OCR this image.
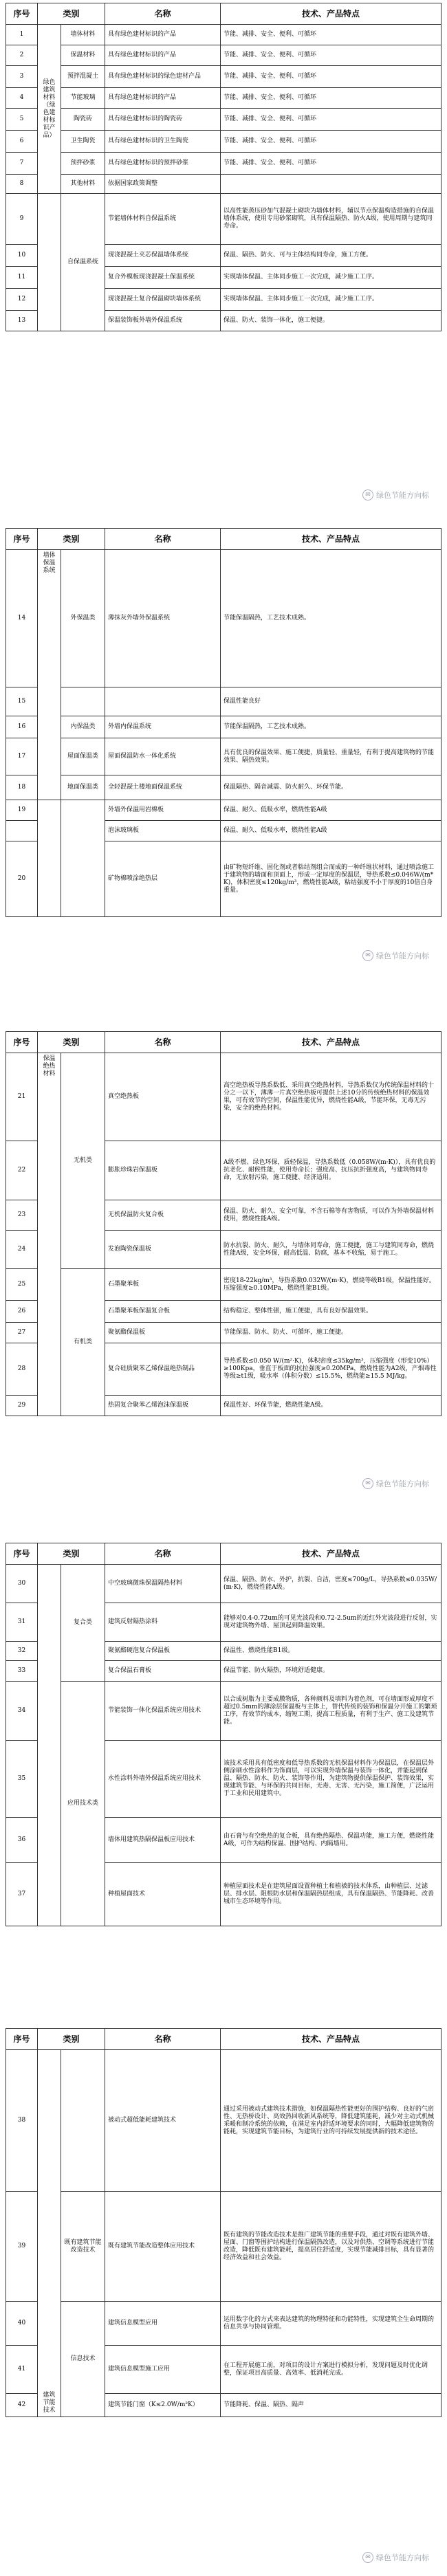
序号	类别		名称	技术、产品特点
1	绿色建筑材料（绿色建材标识产品）	墙体材料	具有绿色建材标识的产品	节能、减排、安全、便利、可循环
2		保温材料	具有绿色建材标识的产品	节能、减排、安全、便利、可循环
3		预拌混凝土	具有绿色建材标识的绿色建材产品	节能、减排、安全、便利、可循环
4		节能玻璃	具有绿色建材标识的产品	节能、减排、安全、便利、可循环
5		陶瓷砖	具有绿色建材标识的陶瓷砖	节能、减排、安全、便利、可循环
6		卫生陶瓷	具有绿色建材标识的卫生陶瓷	节能、减排、安全、便利、可循环
7		预拌砂浆	具有绿色建材标识的预拌砂浆	节能、减排、安全、便利、可循环
8		其他材料	依据国家政策调整	
9		自保温系统	节能墙体材料自保温系统	以高性能蒸压砂加气混凝土砌块为墙体材料，辅以节点保温构造措施的自保温墙体系统，使用专用砂浆砌筑，具有保温隔热、防火A级，使用周期与建筑同寿命。
10			现浇混凝土夹芯保温墙体系统	保温、隔热、防火、可与主体结构同寿命，施工方便。
11			复合外模板现浇混凝土保温系统	实现墙体保温、主体同步施工一次完成，减少施工工序。
12			现浇混凝土复合保温砌块墙体系统	实现墙体保温、主体同步施工一次完成，减少施工工序。
13			保温装饰板外墙外保温系统	保温、防火、装饰一体化，施工便捷。
✉ 绿色节能方向标
序号	类别		名称	技术、产品特点
14	墙体保温系统	外保温类	薄抹灰外墙外保温系统	节能保温隔热，工艺技术成熟。
15				保温性能良好
16		内保温类	外墙内保温系统	节能保温隔热，工艺技术成熟。
17		屋面保温类	屋面保温防水一体化系统	具有优良的保温效果、施工便捷，质量轻、重量轻，有利于提高建筑物的节能效果、隔热效果。
18		地面保温类	全轻混凝土楼地面保温系统	保温隔热、隔音减震、防火耐久、环保节能。
19			外墙外保温用岩棉板	保温、耐久、低吸水率，燃烧性能A级
			泡沫玻璃板	保温、耐久、低吸水率，燃烧性能A级
20			矿物棉喷涂绝热层	由矿物短纤维、固化剂或者粘结剂组合而成的一种纤维状材料，通过喷涂施工于建筑物的墙面和顶面上，形成一定厚度的保温层，导热系数≤0.046W/(m*K)，体积密度≤120kg/m³，燃烧性能A级，粘结强度不小于厚度的10倍自身重量。
✉ 绿色节能方向标
序号	类别		名称	技术、产品特点
21	保温绝热材料	无机类	真空绝热板	高空绝热板导热系数低、采用真空绝热材料，导热系数仅为传统保温材料的十分之一以下，薄薄一片真空绝热板可提供上述10分的传统绝热材料的保温效果，可有效节约空间，保温性能优异，燃烧性能A级，节能环保，无毒无污染，安全的绝热材料。
22			膨胀珍珠岩保温板	A级不燃、绿色环保，质轻保温，导热系数低（0.058W/(m·K)），具有优良的抗老化、耐候性能，使用寿命长；强度高、抗压抗折强度高，与建筑物同寿命，无放射污染，施工便捷、经济适用。
23			无机保温防火复合板	保温、防火、耐久、安全可靠，不含石棉等有害物质，可以作为外墙保温材料使用，燃烧性能A级。
24			发泡陶瓷保温板	防水抗裂、防火、耐久，与墙体同寿命，施工便捷，施工与建筑同寿命，燃烧性能A级，安全环保，耐高低温、防腐，基本不收缩，易于施工。
25		有机类	石墨聚苯板	密度18-22kg/m³，导热系数0.032W/(m·K)，燃烧等级B1级，保温性能好。压缩强度≥0.10MPa，燃烧性能B1级。
26			石墨聚苯板保温复合板	结构稳定、整体性强，施工便捷，具有良好保温效果。
27			聚氨酯保温板	节能保温、防水、防火、可循环，施工便捷。
28			复合硅质聚苯乙烯保温绝热制品	导热系数≤0.050 W/(m²·K)，体积密度≤35kg/m³，压缩强度（形变10%）≥100Kpa，垂直于板面的抗拉强度≥0.20MPa，燃烧性能为A2级，产烟毒性等级≥t1级，吸水率（体积分数）≤15.5%，燃烧能≥15.5 MJ/kg。
29			热固复合聚苯乙烯泡沫保温板	保温性好、环保节能，燃烧性能A级。
✉ 绿色节能方向标
序号	类别		名称	技术、产品特点
30		复合类	中空玻璃微珠保温隔热材料	保温、隔热、防水、外护，抗裂、自洁，密度≤700g/L，导热系数≤0.035W/(m·K)，燃烧性能A级。
31			建筑反射隔热涂料	能够对0.4-0.72um的可见光波段和0.72-2.5um的近红外光波段进行反射，实现对建筑物外墙、屋顶起到降温效果。
32			聚氨酯硬泡复合保温板	保温性、燃烧性能B1级。
33			复合保温石膏板	保温节能、防火隔热，环境舒适健康。
34		应用技术类	节能装饰一体化保温系统应用技术	以合成树脂为主要成膜物质，各种颜料及填料为着色剂，可在墙面形成厚度不超过0.5mm的薄涂层保温板与主体上，替代传统的装饰和保温分开施工的繁琐工序，有效节约成本，缩短工期，提高工程质量，有利于生产、施工及建筑节能。
35			水性涂料外墙外保温系统应用技术	该技术采用具有低密度和低导热系数的无机保温材料作为保温层，在保温层外侧涂刷水性涂料作为饰面层，可以实现外墙保温与装饰一体化，并能起到保温、隔热、防水、防火、装饰等作用，为建筑物提供保温保护、装饰效果，实现建筑节能、与环保的共同目标，无毒、无害、无污染，施工简便，广泛运用于工业和民用建筑中。
36			墙体用建筑热隔保温板应用技术	由石膏与有空绝热的复合板，具有绝热隔热、保温功能，施工方便，燃烧性能A级，可作为结构保温、围护结构、内隔墙用。
37			种植屋面技术	种植屋面技术是在建筑屋面设置种植土和植被的技术体系，由种植层、过滤层、排水层、阻根防水层和保温隔热层组成，具有保温隔热、节能降耗、改善城市生态环境等作用。
序号	类别		名称	技术、产品特点
38	建筑节能技术		被动式超低能耗建筑技术	通过采用被动式建筑技术措施，如保温隔热性能更好的围护结构、良好的气密性、无热桥设计、高效热回收新风系统等，降低建筑能耗，减少对主动式机械采暖和制冷系统的依赖，在满足室内舒适环境要求的同时，大幅降低建筑物的能耗，实现建筑节能目标，为建筑行业的可持续发展提供新的技术途径。
39		既有建筑节能改造技术	既有建筑节能改造整体应用技术	既有建筑的节能改造技术是推广建筑节能的重要手段，通过对既有建筑外墙、屋面、门窗等围护结构进行保温隔热改造，以及对供热、空调等系统进行节能改造，降低既有建筑能耗，提高居住舒适度，实现节能减排目标，具有显著的经济效益和社会效益。
40		信息技术	建筑信息模型应用	运用数字化的方式来表达建筑的物理特征和功能特性，实现建筑全生命周期的信息共享与协同管理。
41			建筑信息模型施工应用	在工程开展施工前，对项目的设计方案进行模拟分析，发现问题及时优化调整，保证项目高质量、高效率、低消耗完成。
42			建筑节能门窗（K≤2.0W/m²K）	节能降耗、保温、隔热、隔声
✉ 绿色节能方向标
